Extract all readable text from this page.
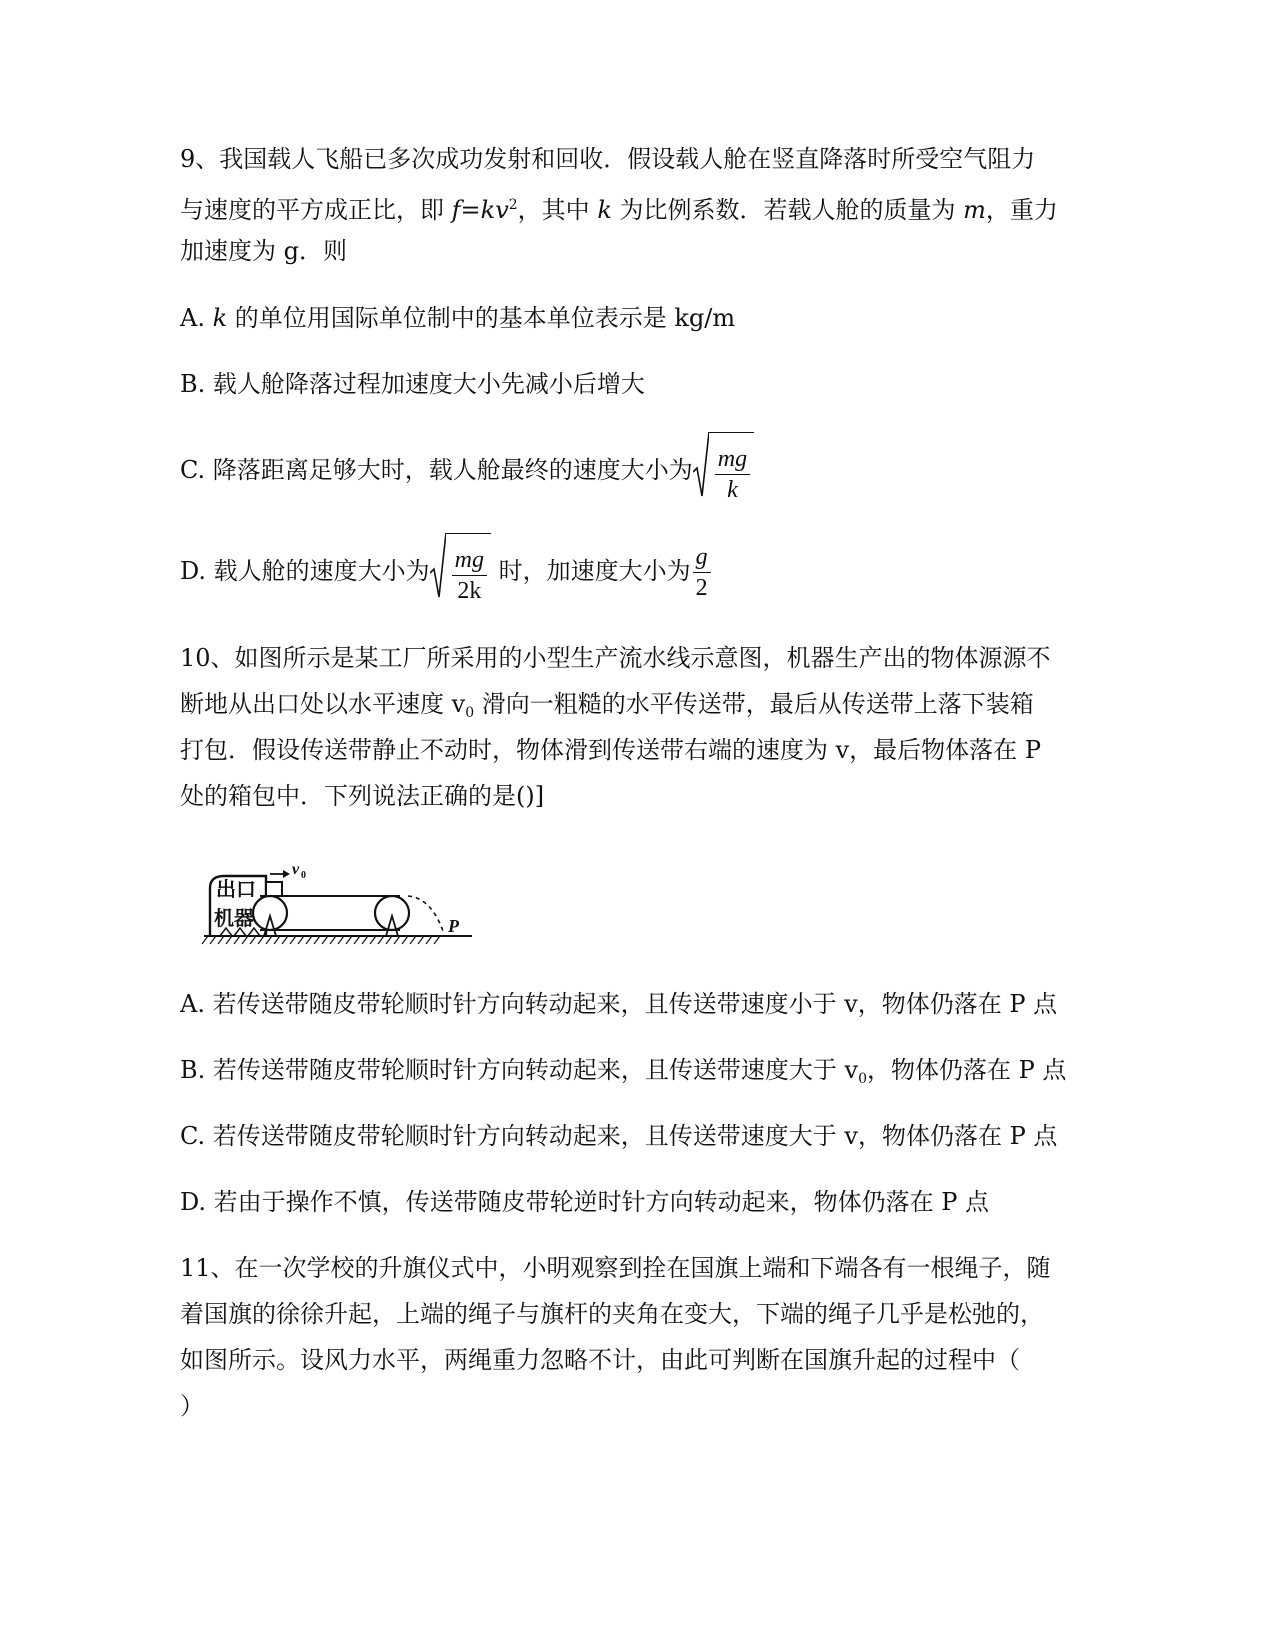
9、我国载人飞船已多次成功发射和回收．假设载人舱在竖直降落时所受空气阻力
与速度的平方成正比，即 $f=kv^2$，其中 k 为比例系数．若载人舱的质量为 m，重力
加速度为 g．则
A. k 的单位用国际单位制中的基本单位表示是 kg/m
B. 载人舱降落过程加速度大小先减小后增大
C. 降落距离足够大时，载人舱最终的速度大小为 $\frac{mg}{k}$
D. 载人舱的速度大小为 $\frac{mg}{2k}$ 时，加速度大小为 $\frac{g}{2}$
10、如图所示是某工厂所采用的小型生产流水线示意图，机器生产出的物体源源不
断地从出口处以水平速度 $v_0$ 滑向一粗糙的水平传送带，最后从传送带上落下装箱
打包．假设传送带静止不动时，物体滑到传送带右端的速度为 v，最后物体落在 P
处的箱包中．下列说法正确的是()]
出口
机器
v 0
P
A. 若传送带随皮带轮顺时针方向转动起来，且传送带速度小于 v，物体仍落在 P 点
B. 若传送带随皮带轮顺时针方向转动起来，且传送带速度大于 $v_0$，物体仍落在 P 点
C. 若传送带随皮带轮顺时针方向转动起来，且传送带速度大于 v，物体仍落在 P 点
D. 若由于操作不慎，传送带随皮带轮逆时针方向转动起来，物体仍落在 P 点
11、在一次学校的升旗仪式中，小明观察到拴在国旗上端和下端各有一根绳子，随
着国旗的徐徐升起，上端的绳子与旗杆的夹角在变大，下端的绳子几乎是松弛的，
如图所示。设风力水平，两绳重力忽略不计，由此可判断在国旗升起的过程中（
）
